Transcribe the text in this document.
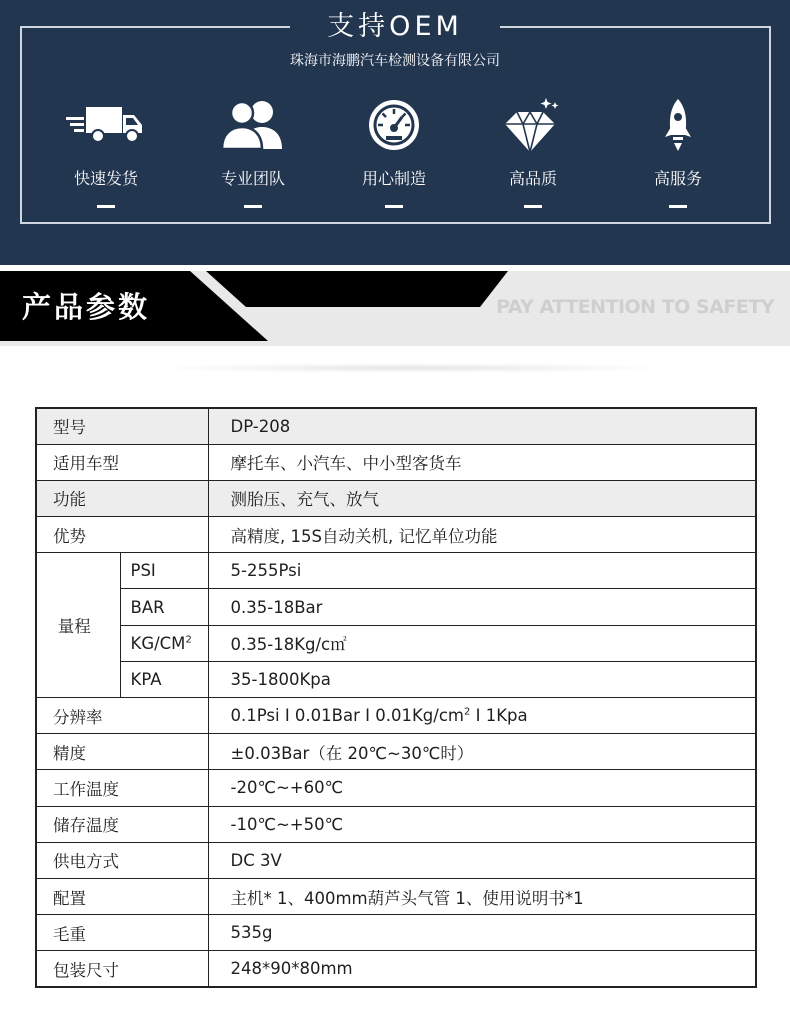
支持OEM
珠海市海鹏汽车检测设备有限公司
快速发货	专业团队	用心制造	高品质	高服务
产品参数	PAY ATTENTION TO SAFETY
型号		DP-208
适用车型		摩托车、小汽车、中小型客货车
功能		测胎压、充气、放气
优势		高精度, 15S自动关机, 记忆单位功能
量程	PSI	5-255Psi
	BAR	0.35-18Bar
	$KG/CM^2$	0.35-18Kg/c㎡
	KPA	35-1800Kpa
分辨率		0.1Psi I 0.01Bar I $0.01Kg/cm^2$ I 1Kpa
精度		±0.03Bar（在 20℃~30℃时）
工作温度		-20℃~+60℃
储存温度		-10℃~+50℃
供电方式		DC 3V
配置		主机* 1、400mm葫芦头气管 1、使用说明书*1
毛重		535g
包装尺寸		248*90*80mm
